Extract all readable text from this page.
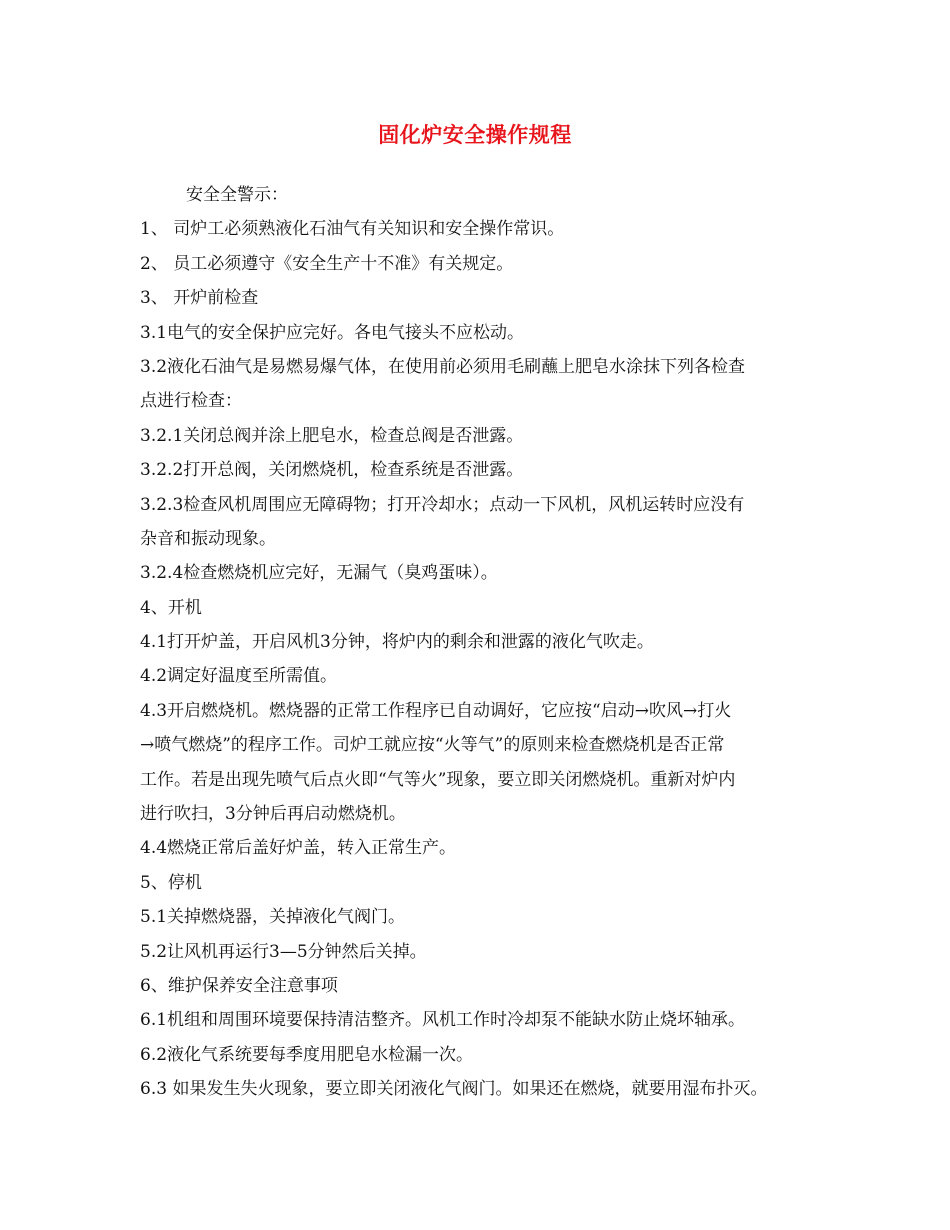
固化炉安全操作规程
安全全警示：
1、 司炉工必须熟液化石油气有关知识和安全操作常识。
2、 员工必须遵守《安全生产十不准》有关规定。
3、 开炉前检查
3.1电气的安全保护应完好。各电气接头不应松动。
3.2液化石油气是易燃易爆气体，在使用前必须用毛刷蘸上肥皂水涂抹下列各检查
点进行检查：
3.2.1关闭总阀并涂上肥皂水，检查总阀是否泄露。
3.2.2打开总阀，关闭燃烧机，检查系统是否泄露。
3.2.3检查风机周围应无障碍物；打开冷却水；点动一下风机，风机运转时应没有
杂音和振动现象。
3.2.4检查燃烧机应完好，无漏气（臭鸡蛋味）。
4、开机
4.1打开炉盖，开启风机3分钟，将炉内的剩余和泄露的液化气吹走。
4.2调定好温度至所需值。
4.3开启燃烧机。燃烧器的正常工作程序已自动调好，它应按“启动→吹风→打火
→喷气燃烧”的程序工作。司炉工就应按“火等气”的原则来检查燃烧机是否正常
工作。若是出现先喷气后点火即“气等火”现象，要立即关闭燃烧机。重新对炉内
进行吹扫，3分钟后再启动燃烧机。
4.4燃烧正常后盖好炉盖，转入正常生产。
5、停机
5.1关掉燃烧器，关掉液化气阀门。
5.2让风机再运行3—5分钟然后关掉。
6、维护保养安全注意事项
6.1机组和周围环境要保持清洁整齐。风机工作时冷却泵不能缺水防止烧坏轴承。
6.2液化气系统要每季度用肥皂水检漏一次。
6.3 如果发生失火现象，要立即关闭液化气阀门。如果还在燃烧，就要用湿布扑灭。
